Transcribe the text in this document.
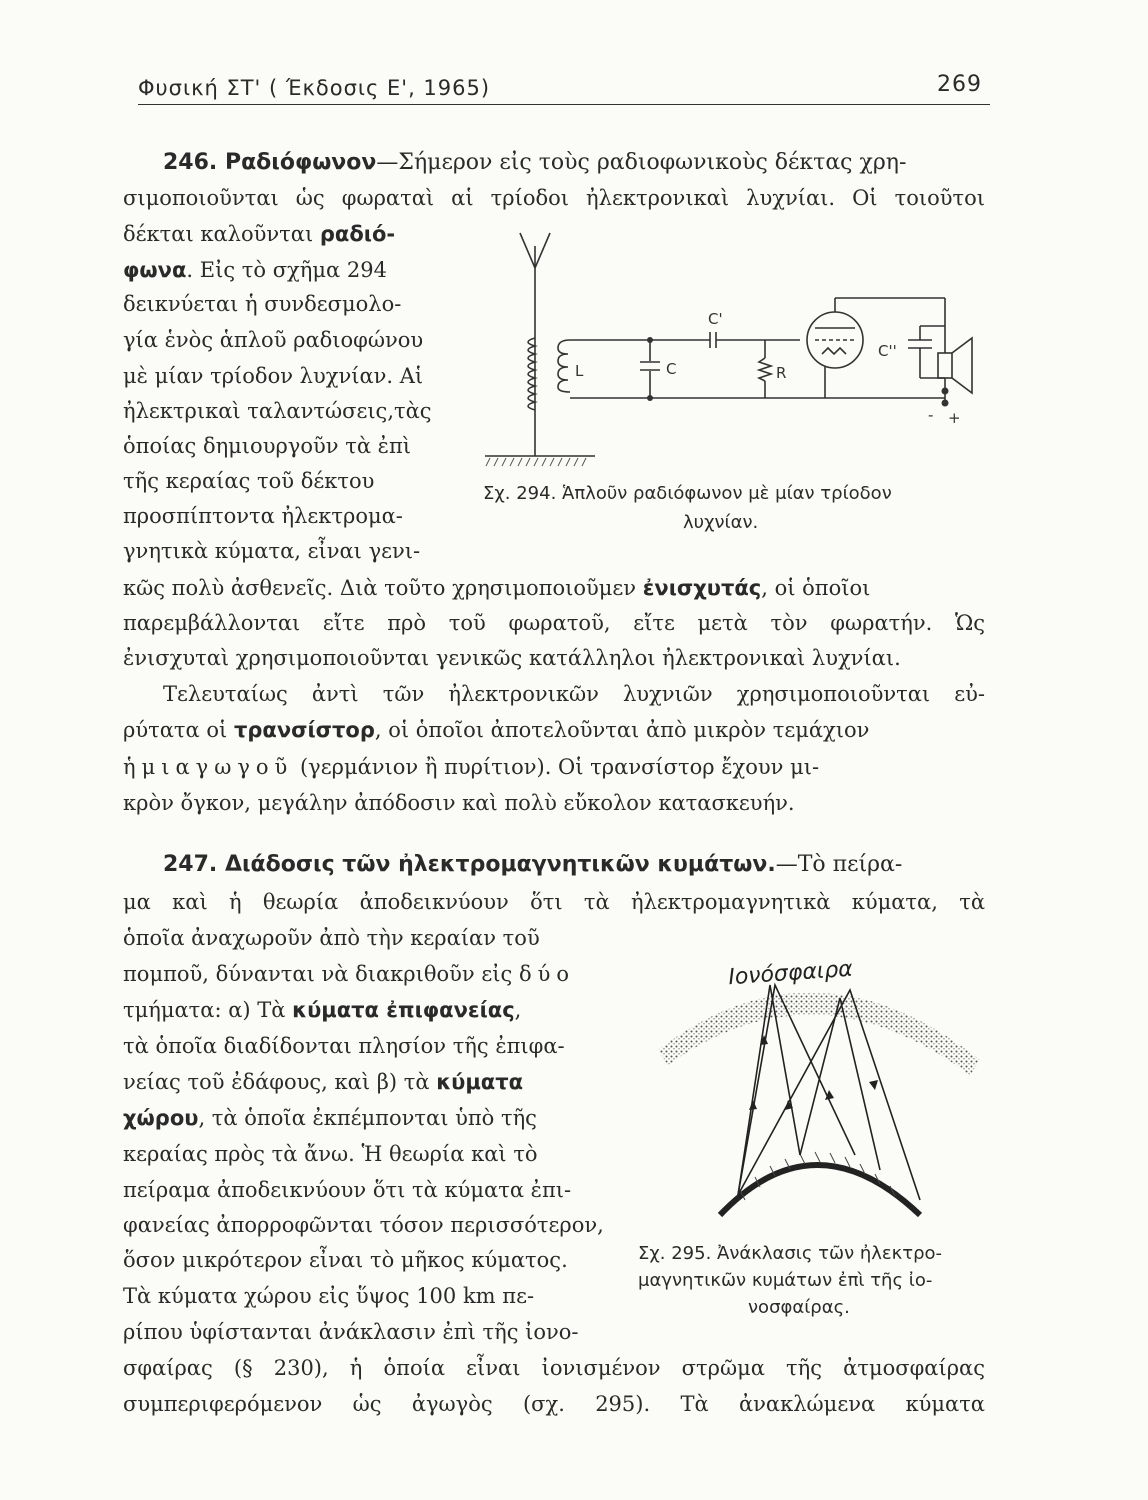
Φυσική ΣΤ' ( Έκδοσις Ε', 1965)	269
246. Ραδιόφωνον—Σήμερον εἰς τοὺς ραδιοφωνικοὺς δέκτας χρη-
σιμοποιοῦνται ὡς φωραταὶ αἱ τρίοδοι ἠλεκτρονικαὶ λυχνίαι. Οἱ τοιοῦτοι
δέκται καλοῦνται ραδιό-
φωνα. Εἰς τὸ σχῆμα 294
δεικνύεται ἡ συνδεσμολο-
γία ἑνὸς ἁπλοῦ ραδιοφώνου
μὲ μίαν τρίοδον λυχνίαν. Αἱ
ἠλεκτρικαὶ ταλαντώσεις,τὰς
ὁποίας δημιουργοῦν τὰ ἐπὶ
τῆς κεραίας τοῦ δέκτου
προσπίπτοντα ἠλεκτρομα-
γνητικὰ κύματα, εἶναι γενι-
κῶς πολὺ ἀσθενεῖς. Διὰ τοῦτο χρησιμοποιοῦμεν ἐνισχυτάς, οἱ ὁποῖοι
παρεμβάλλονται εἴτε πρὸ τοῦ φωρατοῦ, εἴτε μετὰ τὸν φωρατήν. Ὡς
ἐνισχυταὶ χρησιμοποιοῦνται γενικῶς κατάλληλοι ἠλεκτρονικαὶ λυχνίαι.
Τελευταίως ἀντὶ τῶν ἠλεκτρονικῶν λυχνιῶν χρησιμοποιοῦνται εὐ-
ρύτατα οἱ τρανσίστορ, οἱ ὁποῖοι ἀποτελοῦνται ἀπὸ μικρὸν τεμάχιον
ἡμιαγωγοῦ (γερμάνιον ἢ πυρίτιον). Οἱ τρανσίστορ ἔχουν μι-
κρὸν ὄγκον, μεγάλην ἀπόδοσιν καὶ πολὺ εὔκολον κατασκευήν.
L	C
C'
R
C''
- +
Σχ. 294. Ἁπλοῦν ραδιόφωνον μὲ μίαν τρίοδον
λυχνίαν.
247. Διάδοσις τῶν ἠλεκτρομαγνητικῶν κυμάτων.—Τὸ πείρα-
μα καὶ ἡ θεωρία ἀποδεικνύουν ὅτι τὰ ἠλεκτρομαγνητικὰ κύματα, τὰ
ὁποῖα ἀναχωροῦν ἀπὸ τὴν κεραίαν τοῦ
πομποῦ, δύνανται νὰ διακριθοῦν εἰς δύο
τμήματα: α) Τὰ κύματα ἐπιφανείας,
τὰ ὁποῖα διαδίδονται πλησίον τῆς ἐπιφα-
νείας τοῦ ἐδάφους, καὶ β) τὰ κύματα
χώρου, τὰ ὁποῖα ἐκπέμπονται ὑπὸ τῆς
κεραίας πρὸς τὰ ἄνω. Ἡ θεωρία καὶ τὸ
πείραμα ἀποδεικνύουν ὅτι τὰ κύματα ἐπι-
φανείας ἀπορροφῶνται τόσον περισσότερον,
ὅσον μικρότερον εἶναι τὸ μῆκος κύματος.
Τὰ κύματα χώρου εἰς ὕψος 100 km πε-
ρίπου ὑφίστανται ἀνάκλασιν ἐπὶ τῆς ἰονο-
σφαίρας (§ 230), ἡ ὁποία εἶναι ἰονισμένον στρῶμα τῆς ἀτμοσφαίρας
συμπεριφερόμενον ὡς ἀγωγὸς (σχ. 295). Τὰ ἀνακλώμενα κύματα
Ιονόσφαιρα
Σχ. 295. Ἀνάκλασις τῶν ἠλεκτρο-
μαγνητικῶν κυμάτων ἐπὶ τῆς ἰο-
νοσφαίρας.
